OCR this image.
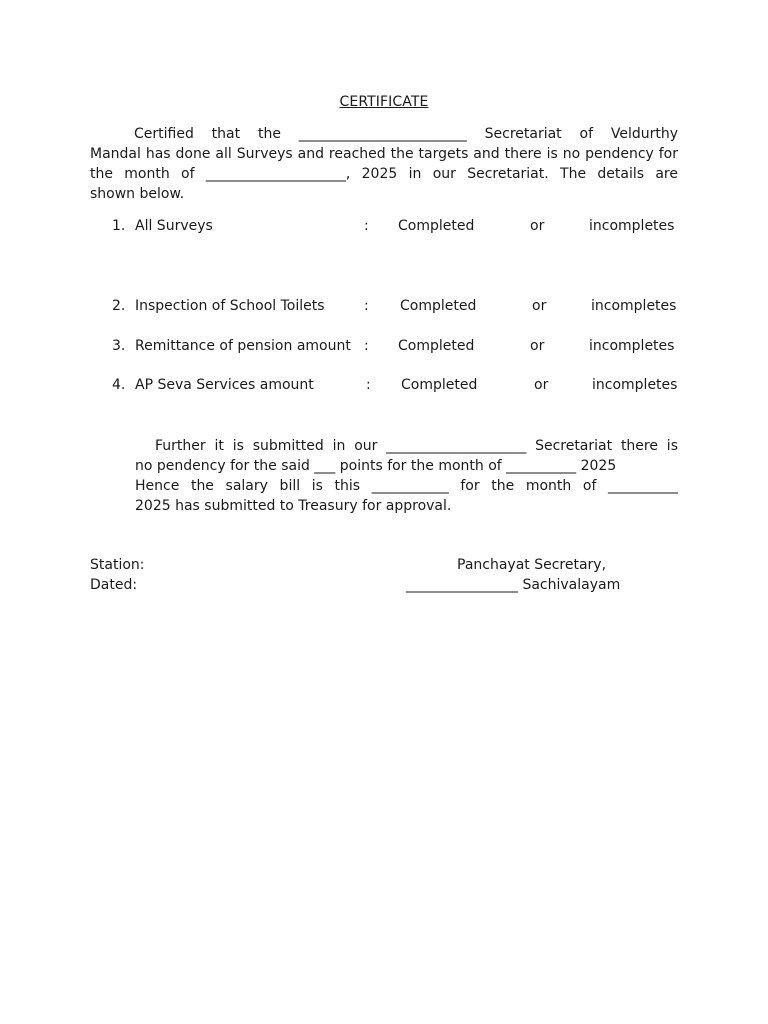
CERTIFICATE
Certified that the ________________________ Secretariat of Veldurthy
Mandal has done all Surveys and reached the targets and there is no pendency for
the month of ____________________, 2025 in our Secretariat. The details are
shown below.
1. All Surveys	: Completed	or	incompletes
2. Inspection of School Toilets	: Completed	or	incompletes
3. Remittance of pension amount : Completed	or	incompletes
4. AP Seva Services amount	: Completed	or	incompletes
Further it is submitted in our ____________________ Secretariat there is
no pendency for the said ___ points for the month of __________ 2025
Hence the salary bill is this ___________ for the month of __________
2025 has submitted to Treasury for approval.
Station:
Dated:
Panchayat Secretary,
________________ Sachivalayam
